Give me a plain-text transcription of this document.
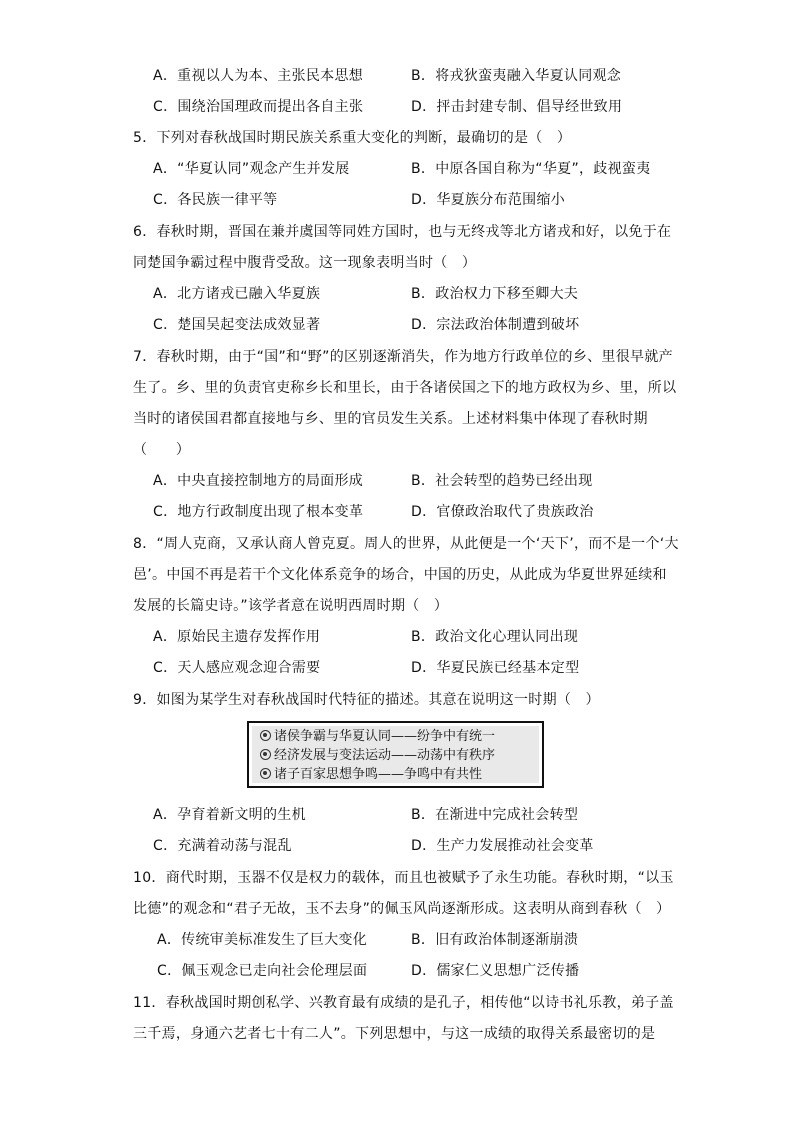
A．重视以人为本、主张民本思想	B．将戎狄蛮夷融入华夏认同观念
C．围绕治国理政而提出各自主张	D．抨击封建专制、倡导经世致用
5．下列对春秋战国时期民族关系重大变化的判断，最确切的是（　）
A．“华夏认同”观念产生并发展	B．中原各国自称为“华夏”，歧视蛮夷
C．各民族一律平等	D．华夏族分布范围缩小
6．春秋时期，晋国在兼并虞国等同姓方国时，也与无终戎等北方诸戎和好，以免于在
同楚国争霸过程中腹背受敌。这一现象表明当时（　）
A．北方诸戎已融入华夏族	B．政治权力下移至卿大夫
C．楚国吴起变法成效显著	D．宗法政治体制遭到破坏
7．春秋时期，由于“国”和“野”的区别逐渐消失，作为地方行政单位的乡、里很早就产
生了。乡、里的负责官吏称乡长和里长，由于各诸侯国之下的地方政权为乡、里，所以
当时的诸侯国君都直接地与乡、里的官员发生关系。上述材料集中体现了春秋时期
（　　）
A．中央直接控制地方的局面形成	B．社会转型的趋势已经出现
C．地方行政制度出现了根本变革	D．官僚政治取代了贵族政治
8．“周人克商，又承认商人曾克夏。周人的世界，从此便是一个‘天下’，而不是一个‘大
邑’。中国不再是若干个文化体系竞争的场合，中国的历史，从此成为华夏世界延续和
发展的长篇史诗。”该学者意在说明西周时期（　）
A．原始民主遗存发挥作用	B．政治文化心理认同出现
C．天人感应观念迎合需要	D．华夏民族已经基本定型
9．如图为某学生对春秋战国时代特征的描述。其意在说明这一时期（　）
诸侯争霸与华夏认同——纷争中有统一
经济发展与变法运动——动荡中有秩序
诸子百家思想争鸣——争鸣中有共性
A．孕育着新文明的生机	B．在渐进中完成社会转型
C．充满着动荡与混乱	D．生产力发展推动社会变革
10．商代时期，玉器不仅是权力的载体，而且也被赋予了永生功能。春秋时期，“以玉
比德”的观念和“君子无故，玉不去身”的佩玉风尚逐渐形成。这表明从商到春秋（　）
A．传统审美标准发生了巨大变化	B．旧有政治体制逐渐崩溃
C．佩玉观念已走向社会伦理层面	D．儒家仁义思想广泛传播
11．春秋战国时期创私学、兴教育最有成绩的是孔子，相传他“以诗书礼乐教，弟子盖
三千焉，身通六艺者七十有二人”。下列思想中，与这一成绩的取得关系最密切的是
